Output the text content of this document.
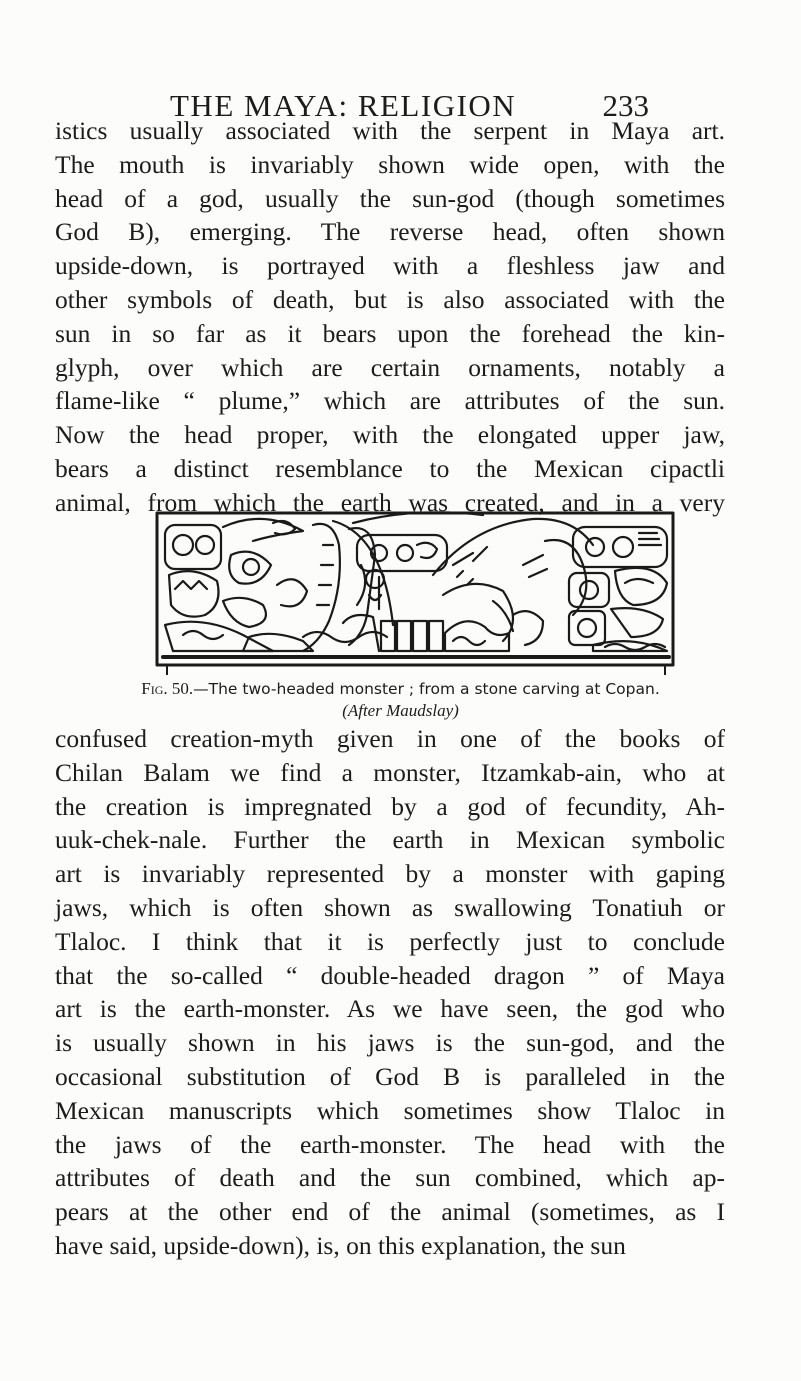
THE MAYA: RELIGION	233
istics usually associated with the serpent in Maya art.
The mouth is invariably shown wide open, with the
head of a god, usually the sun-god (though sometimes
God B), emerging. The reverse head, often shown
upside-down, is portrayed with a fleshless jaw and
other symbols of death, but is also associated with the
sun in so far as it bears upon the forehead the kin-
glyph, over which are certain ornaments, notably a
flame-like “ plume,” which are attributes of the sun.
Now the head proper, with the elongated upper jaw,
bears a distinct resemblance to the Mexican cipactli
animal, from which the earth was created, and in a very
Fig. 50.—The two-headed monster ; from a stone carving at Copan.
(After Maudslay)
confused creation-myth given in one of the books of
Chilan Balam we find a monster, Itzamkab-ain, who at
the creation is impregnated by a god of fecundity, Ah-
uuk-chek-nale. Further the earth in Mexican symbolic
art is invariably represented by a monster with gaping
jaws, which is often shown as swallowing Tonatiuh or
Tlaloc. I think that it is perfectly just to conclude
that the so-called “ double-headed dragon ” of Maya
art is the earth-monster. As we have seen, the god who
is usually shown in his jaws is the sun-god, and the
occasional substitution of God B is paralleled in the
Mexican manuscripts which sometimes show Tlaloc in
the jaws of the earth-monster. The head with the
attributes of death and the sun combined, which ap-
pears at the other end of the animal (sometimes, as I
have said, upside-down), is, on this explanation, the sun
